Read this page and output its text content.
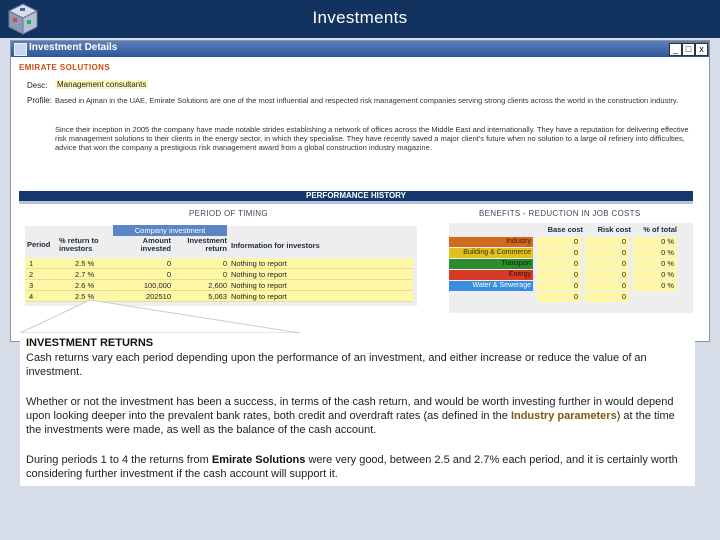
Investments
Investment Details	_ □ x
EMIRATE SOLUTIONS
Desc: Management consultants
Profile: Based in Ajman in the UAE, Emirate Solutions are one of the most influential and respected risk management companies serving strong clients across the world in the construction industry.
Since their inception in 2005 the company have made notable strides establishing a network of offices across the Middle East and internationally. They have a reputation for delivering effective risk management solutions to their clients in the energy sector, in which they specialise. They have recently saved a major client's future when no solution to a large oil refinery into difficulties, advice that won the company a prestigious risk management award from a global construction industry magazine.
PERFORMANCE HISTORY
PERIOD OF TIMING	BENEFITS - REDUCTION IN JOB COSTS
Company investment
Period % return to investors
Amount invested
Investment return Information for investors
1	2.5 %	0	0 Nothing to report
2	2.7 %	0	0 Nothing to report
3	2.6 %	100,000	2,600 Nothing to report
4	2.5 %	202510	5,063 Nothing to report
Base cost	Risk cost	% of total
Industry	0	0	0 %
Building & Commerce	0	0	0 %
Transport	0	0	0 %
Energy	0	0	0 %
Water & Sewerage	0	0	0 %
0	0
INVESTMENT RETURNS
Cash returns vary each period depending upon the performance of an investment, and either increase or reduce the value of an investment.
Whether or not the investment has been a success, in terms of the cash return, and would be worth investing further in would depend upon looking deeper into the prevalent bank rates, both credit and overdraft rates (as defined in the Industry parameters) at the time the investments were made, as well as the balance of the cash account.
During periods 1 to 4 the returns from Emirate Solutions were very good, between 2.5 and 2.7% each period, and it is certainly worth considering further investment if the cash account will support it.
